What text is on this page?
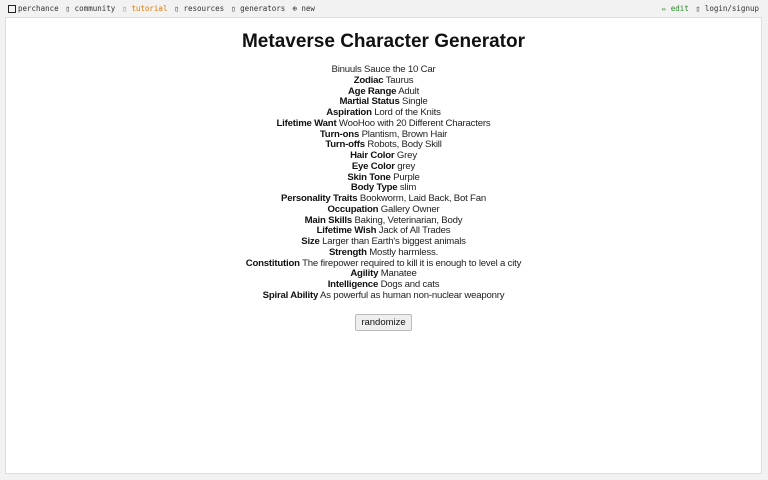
perchance ▯ community ▯ tutorial ▯ resources ▯ generators ⊕ new	✏ edit ▯ login/signup
Metaverse Character Generator
Binuuls Sauce the 10 Car
Zodiac Taurus
Age Range Adult
Martial Status Single
Aspiration Lord of the Knits
Lifetime Want WooHoo with 20 Different Characters
Turn-ons Plantism, Brown Hair
Turn-offs Robots, Body Skill
Hair Color Grey
Eye Color grey
Skin Tone Purple
Body Type slim
Personality Traits Bookworm, Laid Back, Bot Fan
Occupation Gallery Owner
Main Skills Baking, Veterinarian, Body
Lifetime Wish Jack of All Trades
Size Larger than Earth's biggest animals
Strength Mostly harmless.
Constitution The firepower required to kill it is enough to level a city
Agility Manatee
Intelligence Dogs and cats
Spiral Ability As powerful as human non-nuclear weaponry
randomize
